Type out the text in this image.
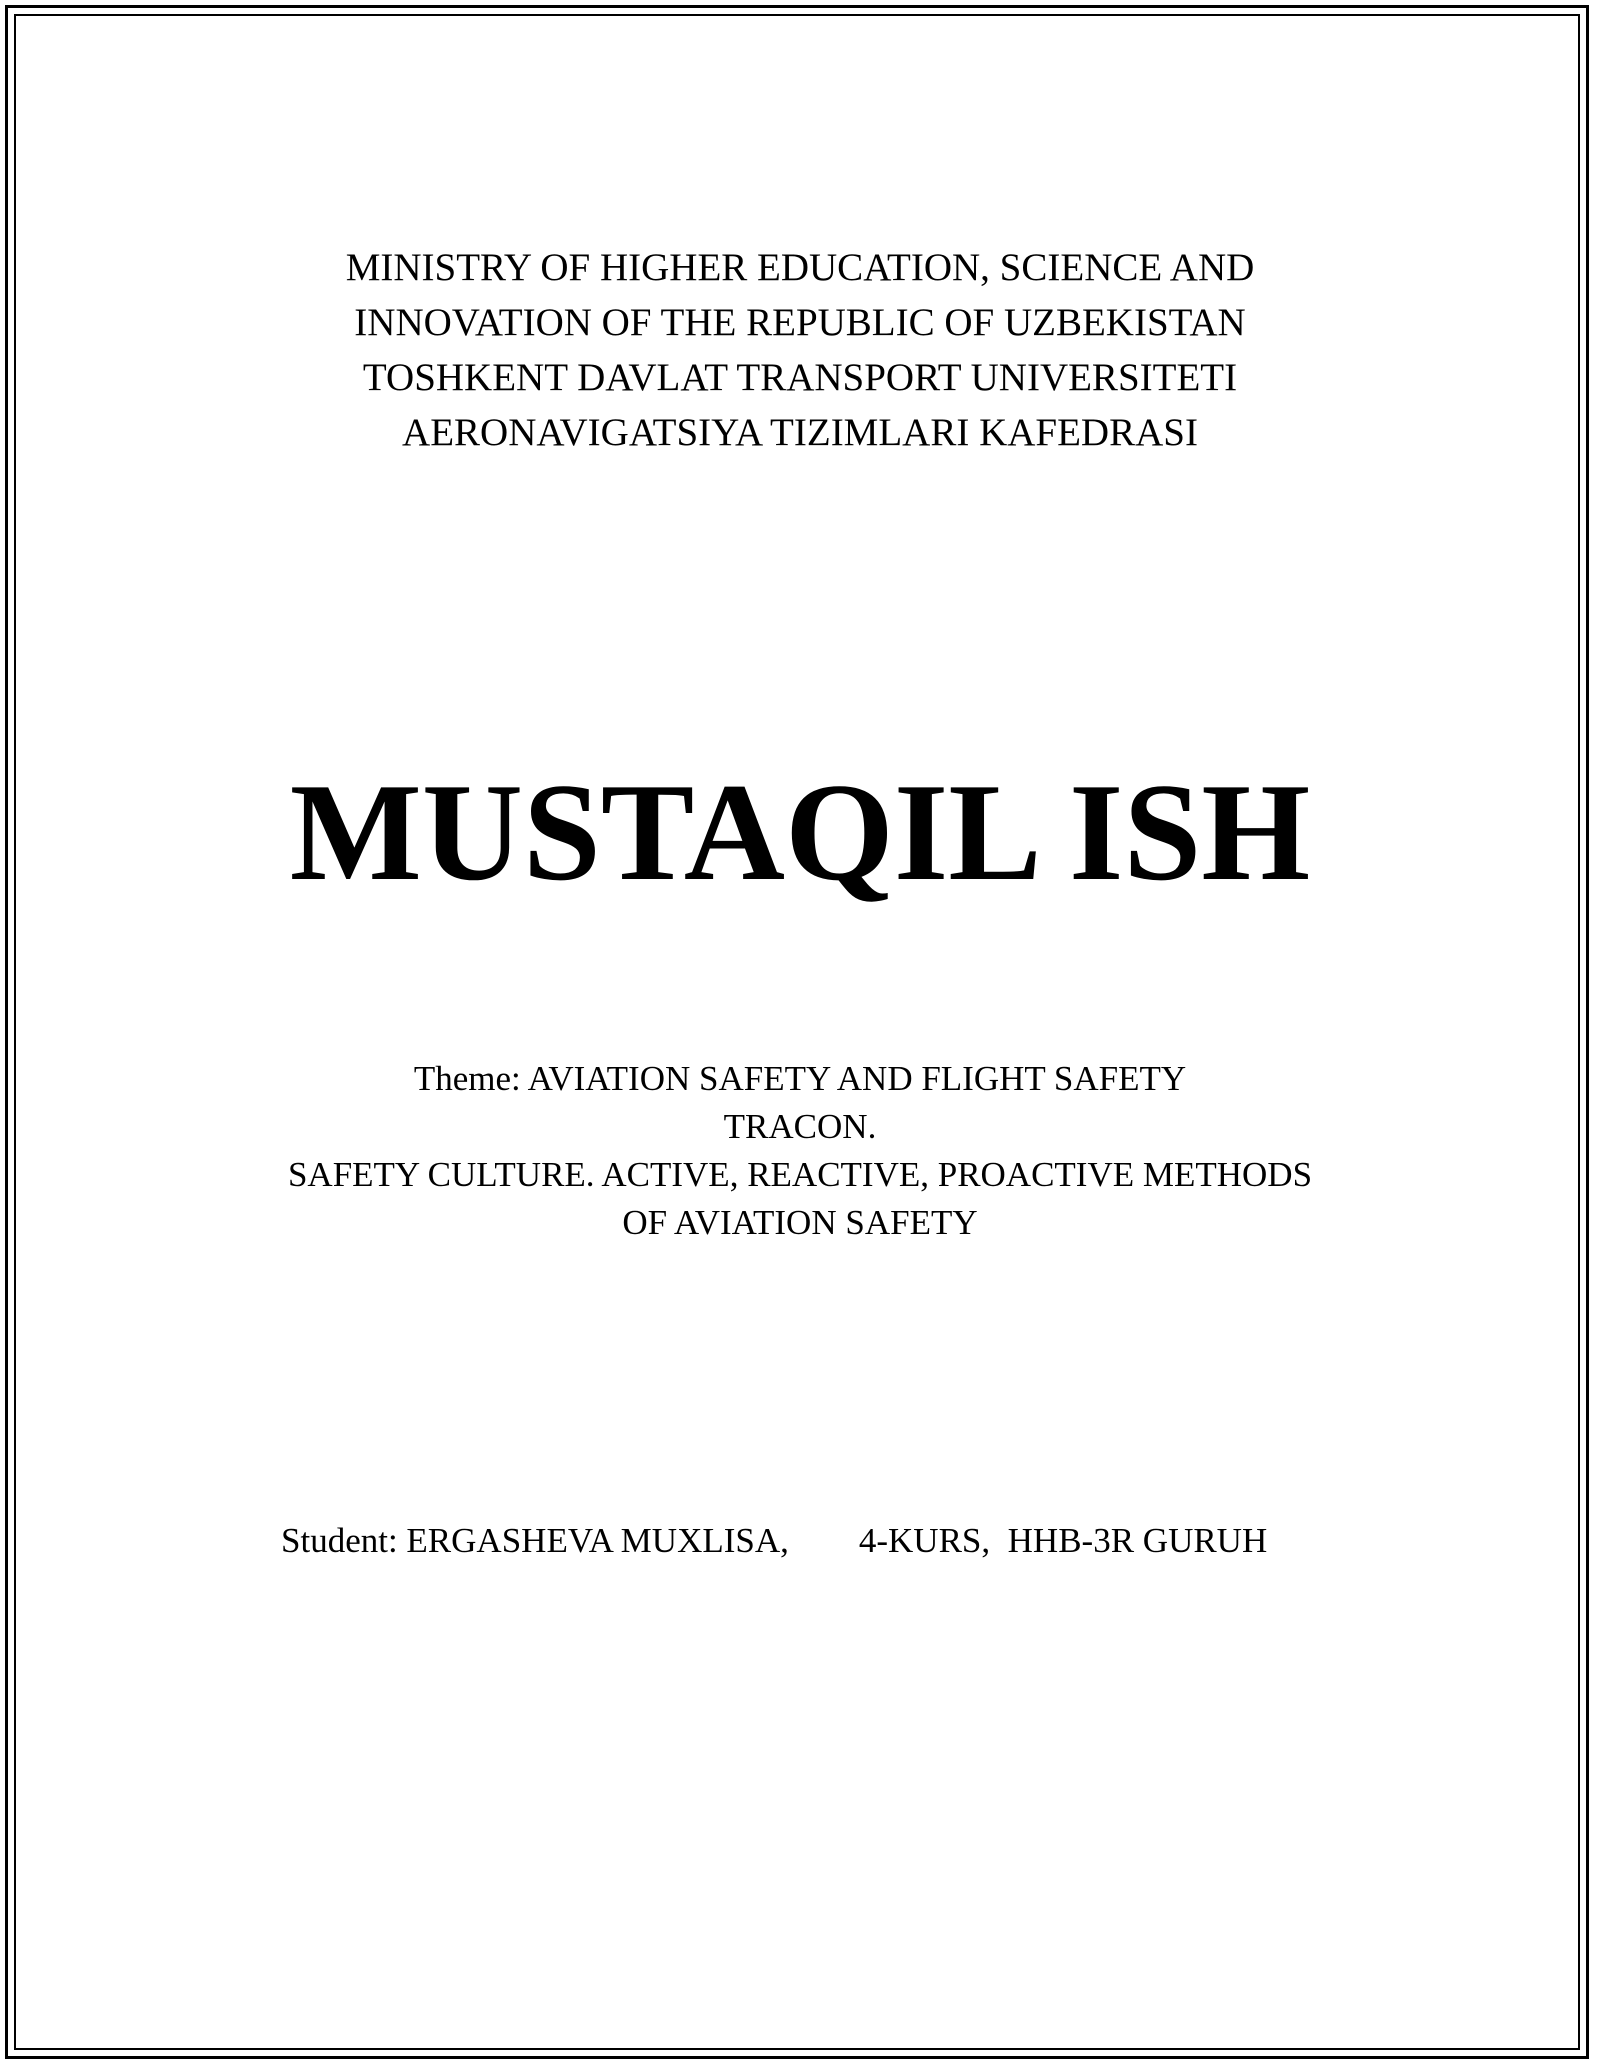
MINISTRY OF HIGHER EDUCATION, SCIENCE AND
INNOVATION OF THE REPUBLIC OF UZBEKISTAN
TOSHKENT DAVLAT TRANSPORT UNIVERSITETI
AERONAVIGATSIYA TIZIMLARI KAFEDRASI
MUSTAQIL ISH
Theme: AVIATION SAFETY AND FLIGHT SAFETY
TRACON.
SAFETY CULTURE. ACTIVE, REACTIVE, PROACTIVE METHODS
OF AVIATION SAFETY
Student: ERGASHEVA MUXLISA,        4-KURS,  HHB-3R GURUH
